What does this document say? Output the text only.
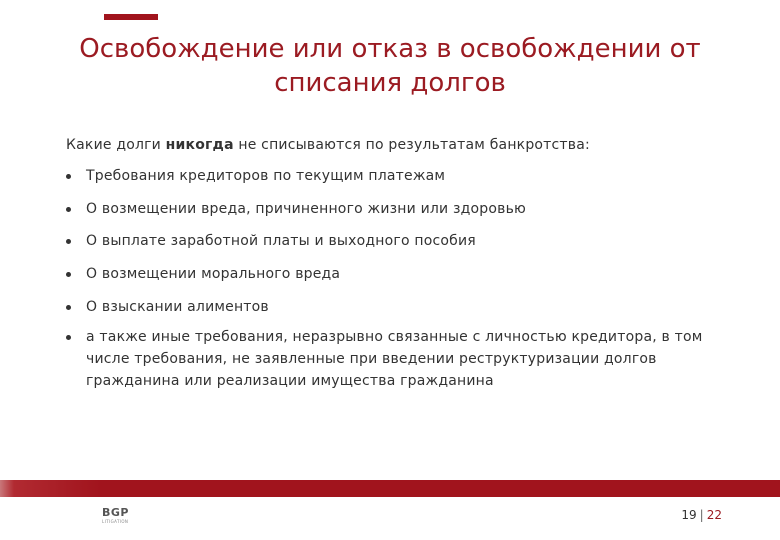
Освобождение или отказ в освобождении от
списания долгов
Какие долги никогда не списываются по результатам банкротства:
Требования кредиторов по текущим платежам
О возмещении вреда, причиненного жизни или здоровью
О выплате заработной платы и выходного пособия
О возмещении морального вреда
О взыскании алиментов
а также иные требования, неразрывно связанные с личностью кредитора, в том числе требования, не заявленные при введении реструктуризации долгов гражданина или реализации имущества гражданина
BGP
LITIGATION	19 | 22
